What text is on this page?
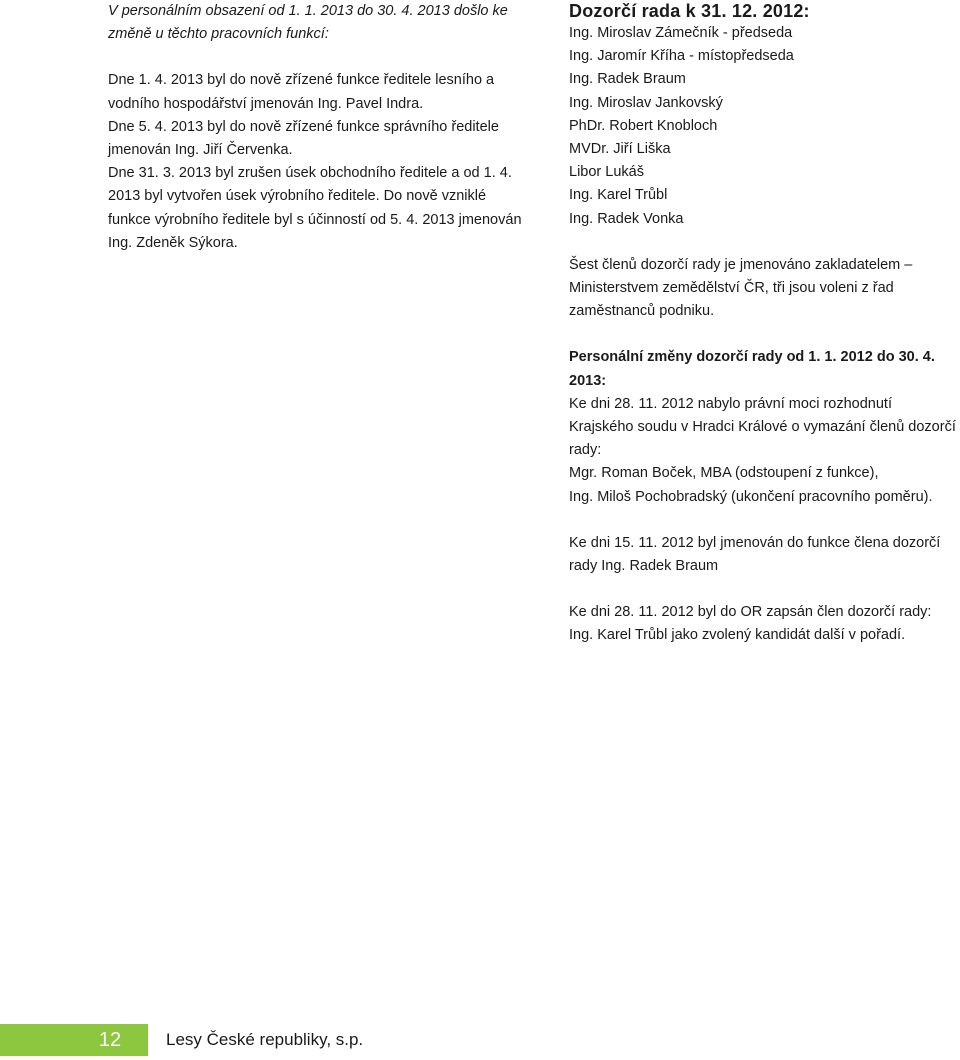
V personálním obsazení od 1. 1. 2013 do 30. 4. 2013 došlo ke změně u těchto pracovních funkcí:

Dne 1. 4. 2013 byl do nově zřízené funkce ředitele lesního a vodního hospodářství jmenován Ing. Pavel Indra.

Dne 5. 4. 2013 byl do nově zřízené funkce správního ředitele jmenován Ing. Jiří Červenka.

Dne 31. 3. 2013 byl zrušen úsek obchodního ředitele a od 1. 4. 2013 byl vytvořen úsek výrobního ředitele. Do nově vzniklé funkce výrobního ředitele byl s účinností od 5. 4. 2013 jmenován Ing. Zdeněk Sýkora.

Dozorčí rada k 31. 12. 2012:
Ing. Miroslav Zámečník - předseda
Ing. Jaromír Kříha - místopředseda
Ing. Radek Braum
Ing. Miroslav Jankovský
PhDr. Robert Knobloch
MVDr. Jiří Liška
Libor Lukáš
Ing. Karel Trůbl
Ing. Radek Vonka

Šest členů dozorčí rady je jmenováno zakladatelem – Ministerstvem zemědělství ČR, tři jsou voleni z řad zaměstnanců podniku.

Personální změny dozorčí rady od 1. 1. 2012 do 30. 4. 2013:

Ke dni 28. 11. 2012 nabylo právní moci rozhodnutí Krajského soudu v Hradci Králové o vymazání členů dozorčí rady:

Mgr. Roman Boček, MBA (odstoupení z funkce),

Ing. Miloš Pochobradský (ukončení pracovního poměru).

Ke dni 15. 11. 2012 byl jmenován do funkce člena dozorčí rady Ing. Radek Braum

Ke dni 28. 11. 2012 byl do OR zapsán člen dozorčí rady: Ing. Karel Trůbl jako zvolený kandidát další v pořadí.

12	Lesy České republiky, s.p.
